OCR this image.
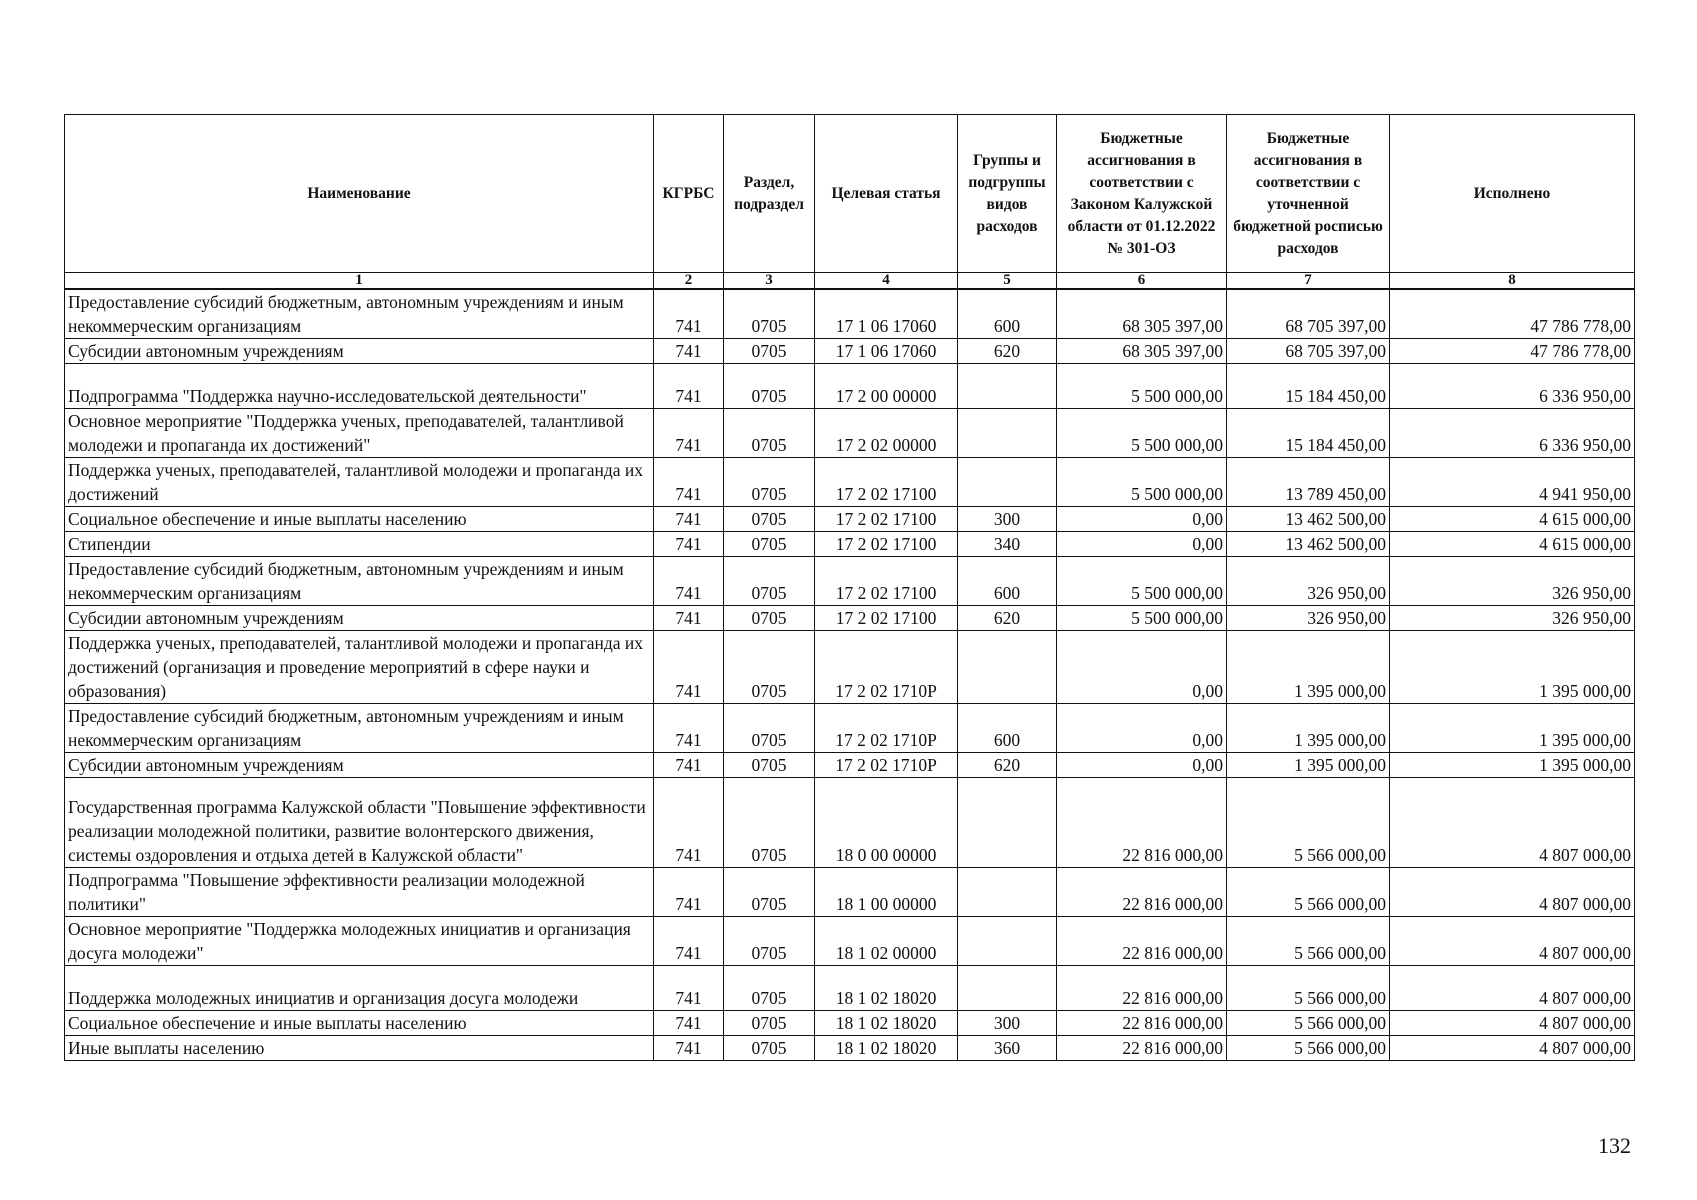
Наименование	КГРБС	Раздел, подраздел	Целевая статья	Группы и подгруппы видов расходов	Бюджетные ассигнования в соответствии с Законом Калужской области от 01.12.2022 № 301-ОЗ	Бюджетные ассигнования в соответствии с уточненной бюджетной росписью расходов	Исполнено
1	2	3	4	5	6	7	8
Предоставление субсидий бюджетным, автономным учреждениям и иным некоммерческим организациям	741	0705	17 1 06 17060	600	68 305 397,00	68 705 397,00	47 786 778,00
Субсидии автономным учреждениям	741	0705	17 1 06 17060	620	68 305 397,00	68 705 397,00	47 786 778,00
Подпрограмма "Поддержка научно-исследовательской деятельности"	741	0705	17 2 00 00000		5 500 000,00	15 184 450,00	6 336 950,00
Основное мероприятие "Поддержка ученых, преподавателей, талантливой молодежи и пропаганда их достижений"	741	0705	17 2 02 00000		5 500 000,00	15 184 450,00	6 336 950,00
Поддержка ученых, преподавателей, талантливой молодежи и пропаганда их достижений	741	0705	17 2 02 17100		5 500 000,00	13 789 450,00	4 941 950,00
Социальное обеспечение и иные выплаты населению	741	0705	17 2 02 17100	300	0,00	13 462 500,00	4 615 000,00
Стипендии	741	0705	17 2 02 17100	340	0,00	13 462 500,00	4 615 000,00
Предоставление субсидий бюджетным, автономным учреждениям и иным некоммерческим организациям	741	0705	17 2 02 17100	600	5 500 000,00	326 950,00	326 950,00
Субсидии автономным учреждениям	741	0705	17 2 02 17100	620	5 500 000,00	326 950,00	326 950,00
Поддержка ученых, преподавателей, талантливой молодежи и пропаганда их достижений (организация и проведение мероприятий в сфере науки и образования)	741	0705	17 2 02 1710Р		0,00	1 395 000,00	1 395 000,00
Предоставление субсидий бюджетным, автономным учреждениям и иным некоммерческим организациям	741	0705	17 2 02 1710Р	600	0,00	1 395 000,00	1 395 000,00
Субсидии автономным учреждениям	741	0705	17 2 02 1710Р	620	0,00	1 395 000,00	1 395 000,00
Государственная программа Калужской области "Повышение эффективности реализации молодежной политики, развитие волонтерского движения, системы оздоровления и отдыха детей в Калужской области"	741	0705	18 0 00 00000		22 816 000,00	5 566 000,00	4 807 000,00
Подпрограмма "Повышение эффективности реализации молодежной политики"	741	0705	18 1 00 00000		22 816 000,00	5 566 000,00	4 807 000,00
Основное мероприятие "Поддержка молодежных инициатив и организация досуга молодежи"	741	0705	18 1 02 00000		22 816 000,00	5 566 000,00	4 807 000,00
Поддержка молодежных инициатив и организация досуга молодежи	741	0705	18 1 02 18020		22 816 000,00	5 566 000,00	4 807 000,00
Социальное обеспечение и иные выплаты населению	741	0705	18 1 02 18020	300	22 816 000,00	5 566 000,00	4 807 000,00
Иные выплаты населению	741	0705	18 1 02 18020	360	22 816 000,00	5 566 000,00	4 807 000,00
132
